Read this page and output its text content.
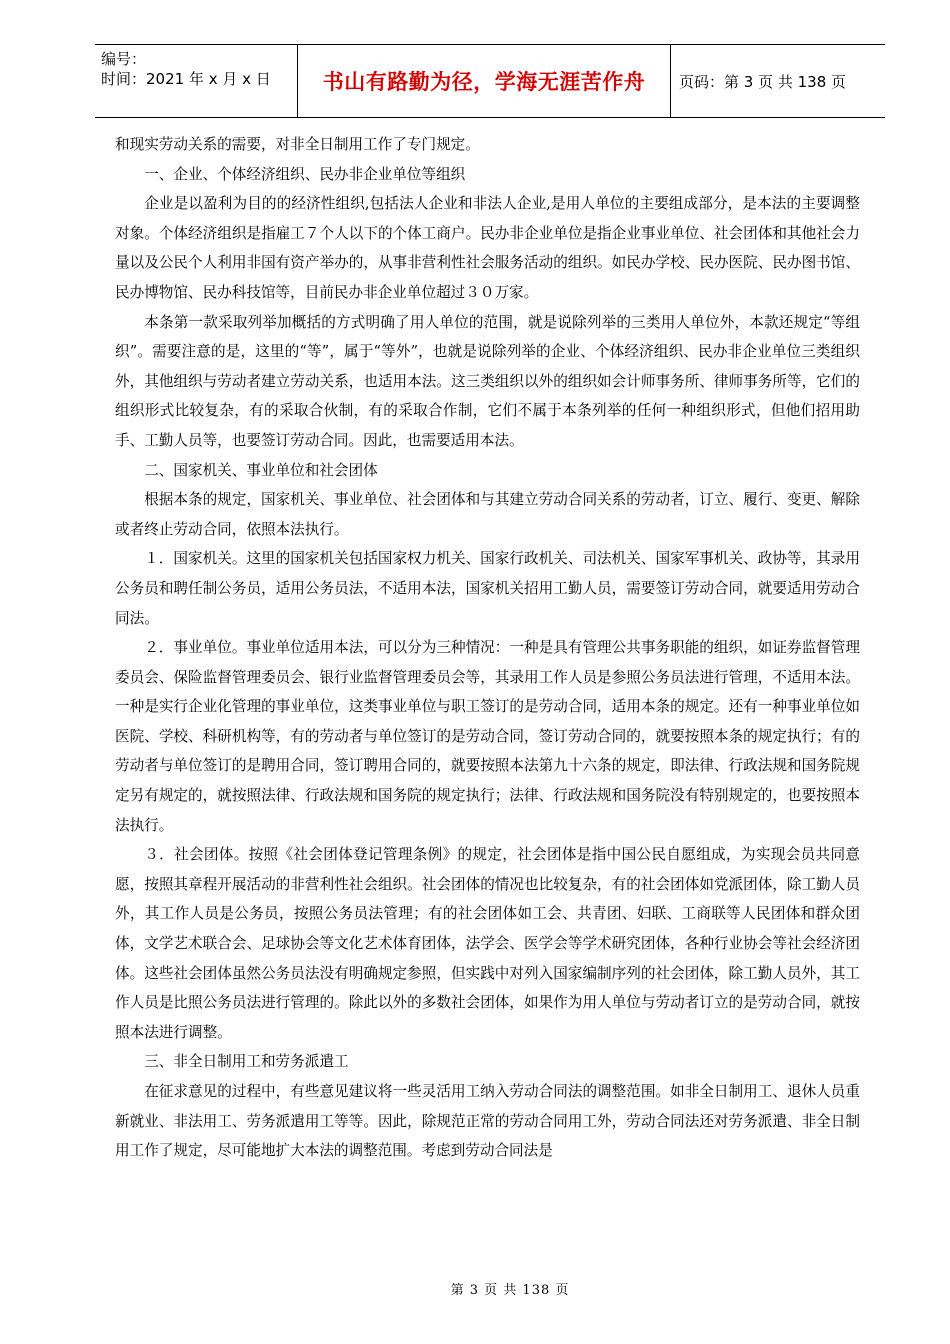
编号：
时间：2021 年 x 月 x 日	书山有路勤为径，学海无涯苦作舟	页码：第 3 页 共 138 页

和现实劳动关系的需要，对非全日制用工作了专门规定。

一、企业、个体经济组织、民办非企业单位等组织

企业是以盈利为目的的经济性组织,包括法人企业和非法人企业,是用人单位的主要组成部分，是本法的主要调整对象。个体经济组织是指雇工７个人以下的个体工商户。民办非企业单位是指企业事业单位、社会团体和其他社会力量以及公民个人利用非国有资产举办的，从事非营利性社会服务活动的组织。如民办学校、民办医院、民办图书馆、民办博物馆、民办科技馆等，目前民办非企业单位超过３０万家。

本条第一款采取列举加概括的方式明确了用人单位的范围，就是说除列举的三类用人单位外，本款还规定“等组织”。需要注意的是，这里的“等”，属于“等外”，也就是说除列举的企业、个体经济组织、民办非企业单位三类组织外，其他组织与劳动者建立劳动关系，也适用本法。这三类组织以外的组织如会计师事务所、律师事务所等，它们的组织形式比较复杂，有的采取合伙制，有的采取合作制，它们不属于本条列举的任何一种组织形式，但他们招用助手、工勤人员等，也要签订劳动合同。因此，也需要适用本法。

二、国家机关、事业单位和社会团体

根据本条的规定，国家机关、事业单位、社会团体和与其建立劳动合同关系的劳动者，订立、履行、变更、解除或者终止劳动合同，依照本法执行。

１．国家机关。这里的国家机关包括国家权力机关、国家行政机关、司法机关、国家军事机关、政协等，其录用公务员和聘任制公务员，适用公务员法，不适用本法，国家机关招用工勤人员，需要签订劳动合同，就要适用劳动合同法。

２．事业单位。事业单位适用本法，可以分为三种情况：一种是具有管理公共事务职能的组织，如证券监督管理委员会、保险监督管理委员会、银行业监督管理委员会等，其录用工作人员是参照公务员法进行管理，不适用本法。一种是实行企业化管理的事业单位，这类事业单位与职工签订的是劳动合同，适用本条的规定。还有一种事业单位如医院、学校、科研机构等，有的劳动者与单位签订的是劳动合同，签订劳动合同的，就要按照本条的规定执行；有的劳动者与单位签订的是聘用合同，签订聘用合同的，就要按照本法第九十六条的规定，即法律、行政法规和国务院规定另有规定的，就按照法律、行政法规和国务院的规定执行；法律、行政法规和国务院没有特别规定的，也要按照本法执行。

３．社会团体。按照《社会团体登记管理条例》的规定，社会团体是指中国公民自愿组成，为实现会员共同意愿，按照其章程开展活动的非营利性社会组织。社会团体的情况也比较复杂，有的社会团体如党派团体，除工勤人员外，其工作人员是公务员，按照公务员法管理；有的社会团体如工会、共青团、妇联、工商联等人民团体和群众团体，文学艺术联合会、足球协会等文化艺术体育团体，法学会、医学会等学术研究团体，各种行业协会等社会经济团体。这些社会团体虽然公务员法没有明确规定参照，但实践中对列入国家编制序列的社会团体，除工勤人员外，其工作人员是比照公务员法进行管理的。除此以外的多数社会团体，如果作为用人单位与劳动者订立的是劳动合同，就按照本法进行调整。

三、非全日制用工和劳务派遣工

在征求意见的过程中，有些意见建议将一些灵活用工纳入劳动合同法的调整范围。如非全日制用工、退休人员重新就业、非法用工、劳务派遣用工等等。因此，除规范正常的劳动合同用工外，劳动合同法还对劳务派遣、非全日制用工作了规定，尽可能地扩大本法的调整范围。考虑到劳动合同法是

第 3 页 共 138 页
